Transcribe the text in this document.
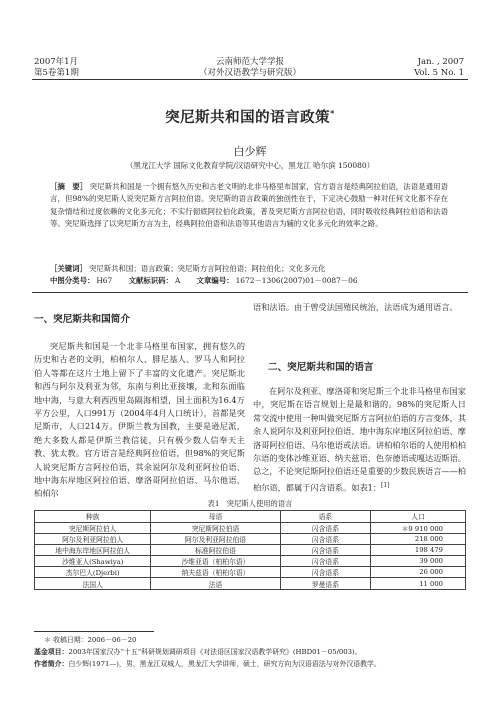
2007年1月
第5卷第1期
云南师范大学学报
（对外汉语教学与研究版）
Jan. , 2007
Vol. 5 No. 1
突尼斯共和国的语言政策*
白少辉
（黑龙江大学 国际文化教育学院/汉语研究中心，黑龙江 哈尔滨 150080）
［摘　要］ 突尼斯共和国是一个拥有悠久历史和古老文明的北非马格里布国家，官方语言是经典阿拉伯语，法语是通用语言，但98%的突尼斯人说突尼斯方言阿拉伯语。突尼斯的语言政策的独创性在于，下定决心鼓励一种对任何文化都不存在复杂情结和过度依赖的文化多元化；不实行彻底阿拉伯化政策，普及突尼斯方言阿拉伯语，同时吸收经典阿拉伯语和法语等。突尼斯选择了以突尼斯方言为主，经典阿拉伯语和法语等其他语言为辅的文化多元化的效率之路。
［关键词］ 突尼斯共和国；语言政策；突尼斯方言阿拉伯语；阿拉伯化；文化多元化
中图分类号： H67 文献标识码： A 文章编号： 1672－1306(2007)01－0087－06
一、突尼斯共和国简介

突尼斯共和国是一个北非马格里布国家，拥有悠久的历史和古老的文明，柏柏尔人、腓尼基人、罗马人和阿拉伯人等都在这片土地上留下了丰富的文化遗产。突尼斯北和西与阿尔及利亚为邻，东南与利比亚接壤，北和东面临地中海，与意大利西西里岛隔海相望，国土面积为16.4万平方公里，人口991万（2004年4月人口统计），首都是突尼斯市，人口214万。伊斯兰教为国教，主要是逊尼派，绝大多数人都是伊斯兰教信徒，只有极少数人信奉天主教、犹太教。官方语言是经典阿拉伯语，但98%的突尼斯人说突尼斯方言阿拉伯语，其余说阿尔及利亚阿拉伯语、地中海东岸地区阿拉伯语、摩洛哥阿拉伯语、马尔他语、柏柏尔

语和法语。由于曾受法国殖民统治，法语成为通用语言。

二、突尼斯共和国的语言

在阿尔及利亚、摩洛哥和突尼斯三个北非马格里布国家中，突尼斯在语言规划上是最和谐的。98%的突尼斯人日常交流中使用一种叫做突尼斯方言阿拉伯语的方言变体，其余人说阿尔及利亚阿拉伯语、地中海东岸地区阿拉伯语、摩洛哥阿拉伯语、马尔他语或法语。讲柏柏尔语的人使用柏柏尔语的变体沙维亚语、纳夫兹语、色奈德语或嘎达迈斯语。总之，不论突尼斯阿拉伯语还是重要的少数民族语言——柏柏尔语，都属于闪含语系。如表1：[1]

表1　突尼斯人使用的语言
种族	母语	语系	人口
突尼斯阿拉伯人	突尼斯阿拉伯语	闪含语系	＊9 910 000
阿尔及利亚阿拉伯人	阿尔及利亚阿拉伯语	闪含语系	218 000
地中海东岸地区阿拉伯人	标准阿拉伯语	闪含语系	198 479
沙维亚人(Shawiya)	沙维亚语（柏柏尔语）	闪含语系	39 000
杰尔巴人(Djerbi)	纳夫兹语（柏柏尔语）	闪含语系	26 000
法国人	法语	罗曼语系	11 000
＊ 收稿日期：2006－06－20
基金项目：2003年国家汉办“十五”科研规划调研项目《对法语区国家汉语教学研究》(HBD01－05/003)。
作者简介：白少辉(1971—)，男，黑龙江双城人，黑龙江大学讲师，硕士，研究方向为汉语语法与对外汉语教学。
